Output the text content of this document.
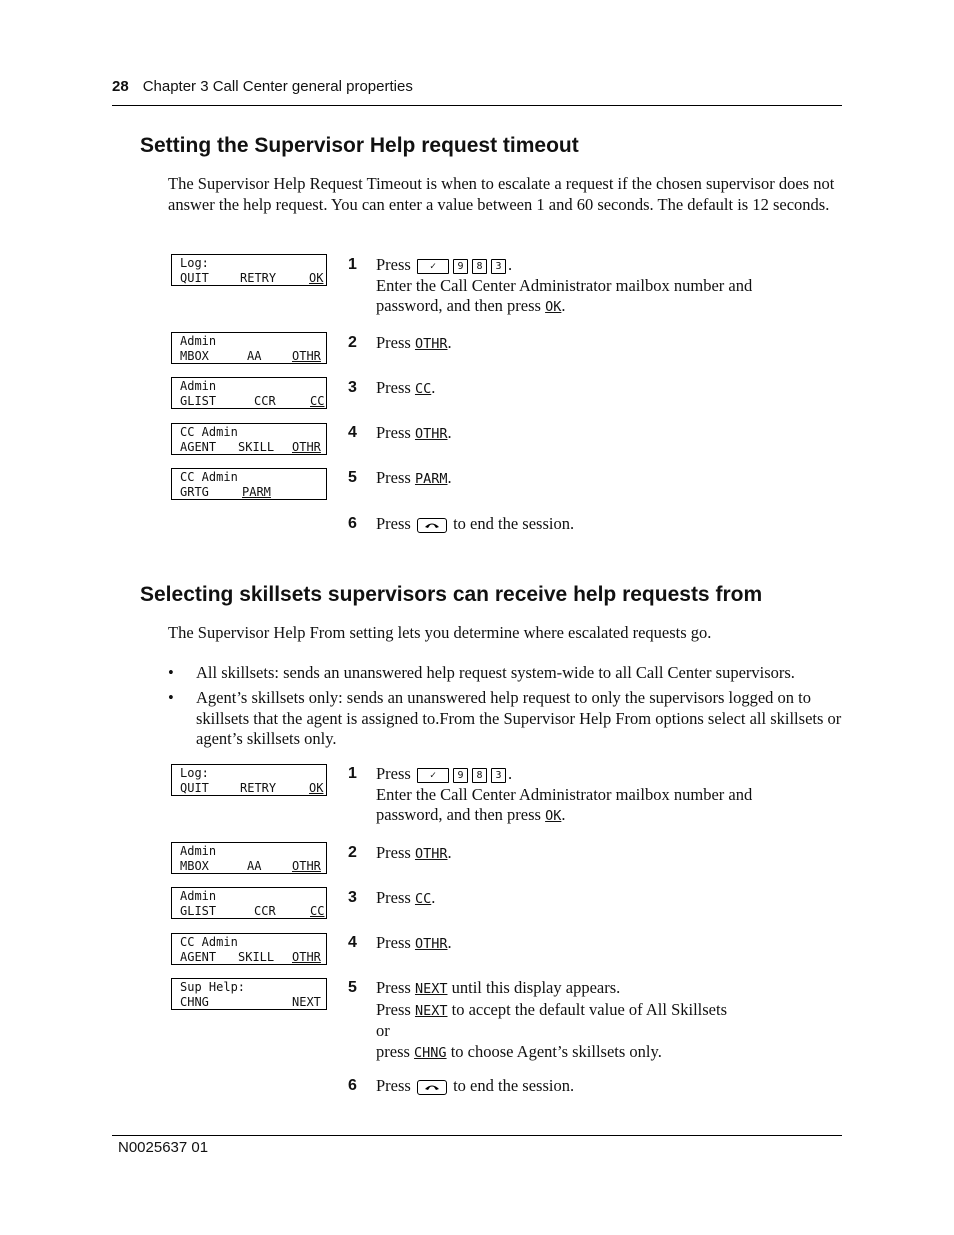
28 Chapter 3 Call Center general properties
Setting the Supervisor Help request timeout
The Supervisor Help Request Timeout is when to escalate a request if the chosen supervisor does not answer the help request. You can enter a value between 1 and 60 seconds. The default is 12 seconds.
Log:
QUIT	RETRY	OK
Admin
MBOX	AA	OTHR
Admin
GLIST	CCR	CC
CC Admin
AGENT SKILL OTHR
CC Admin
GRTG	PARM
1 Press ✓ 9 8 3 .
Enter the Call Center Administrator mailbox number and
password, and then press OK.
2 Press OTHR.
3 Press CC.
4 Press OTHR.
5 Press PARM.
6 Press	to end the session.
Selecting skillsets supervisors can receive help requests from
The Supervisor Help From setting lets you determine where escalated requests go.
• All skillsets: sends an unanswered help request system-wide to all Call Center supervisors.
• Agent’s skillsets only: sends an unanswered help request to only the supervisors logged on to skillsets that the agent is assigned to.From the Supervisor Help From options select all skillsets or agent’s skillsets only.
Log:
QUIT	RETRY	OK
Admin
MBOX	AA	OTHR
Admin
GLIST	CCR	CC
CC Admin
AGENT SKILL OTHR
Sup Help:
CHNG	NEXT
1 Press ✓ 9 8 3 .
Enter the Call Center Administrator mailbox number and
password, and then press OK.
2 Press OTHR.
3 Press CC.
4 Press OTHR.
5 Press NEXT until this display appears.
Press NEXT to accept the default value of All Skillsets
or
press CHNG to choose Agent’s skillsets only.
6 Press	to end the session.
N0025637 01
